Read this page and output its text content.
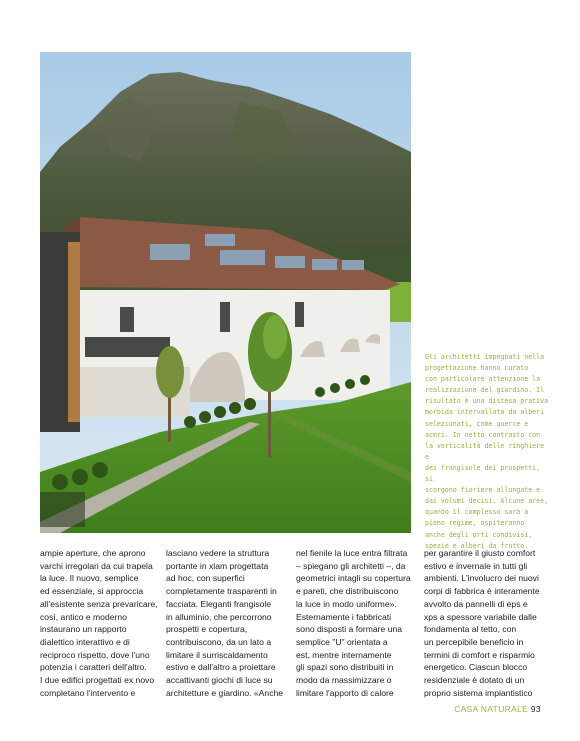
Gli architetti impegnati nella

progettazione hanno curato

con particolare attenzione la

realizzazione del giardino. Il

risultato è una distesa prativa

morbida intervallata da alberi

selezionati, come querce e

aceri. In netto contrasto con

la verticalità delle ringhiere e

dei frangisole dei prospetti, si

scorgono fioriere allungate e

dai volumi decisi. Alcune aree,

quando il complesso sarà a

pieno regime, ospiteranno

anche degli orti condivisi,

spezie e alberi da frutto.

ampie aperture, che aprono
varchi irregolari da cui trapela
la luce. Il nuovo, semplice
ed essenziale, si approccia
all'esistente senza prevaricare,
così, antico e moderno
instaurano un rapporto
dialettico interattivo e di
reciproco rispetto, dove l'uno
potenzia i caratteri dell'altro.
I due edifici progettati ex novo
completano l'intervento e
lasciano vedere la struttura
portante in xlam progettata
ad hoc, con superfici
completamente trasparenti in
facciata. Eleganti frangisole
in alluminio, che percorrono
prospetti e copertura,
contribuiscono, da un lato a
limitare il surriscaldamento
estivo e dall'altro a proiettare
accattivanti giochi di luce su
architetture e giardino. «Anche
nel fienile la luce entra filtrata
– spiegano gli architetti –, da
geometrici intagli su copertura
e pareti, che distribuiscono
la luce in modo uniforme».
Esternamente i fabbricati
sono disposti a formare una
semplice "U" orientata a
est, mentre internamente
gli spazi sono distribuiti in
modo da massimizzare o
limitare l'apporto di calore
per garantire il giusto comfort
estivo e invernale in tutti gli
ambienti. L'involucro dei nuovi
corpi di fabbrica è interamente
avvolto da pannelli di eps e
xps a spessore variabile dalle
fondamenta al tetto, con
un percepibile beneficio in
termini di comfort e risparmio
energetico. Ciascun blocco
residenziale è dotato di un
proprio sistema impiantistico
CASA NATURALE 93
